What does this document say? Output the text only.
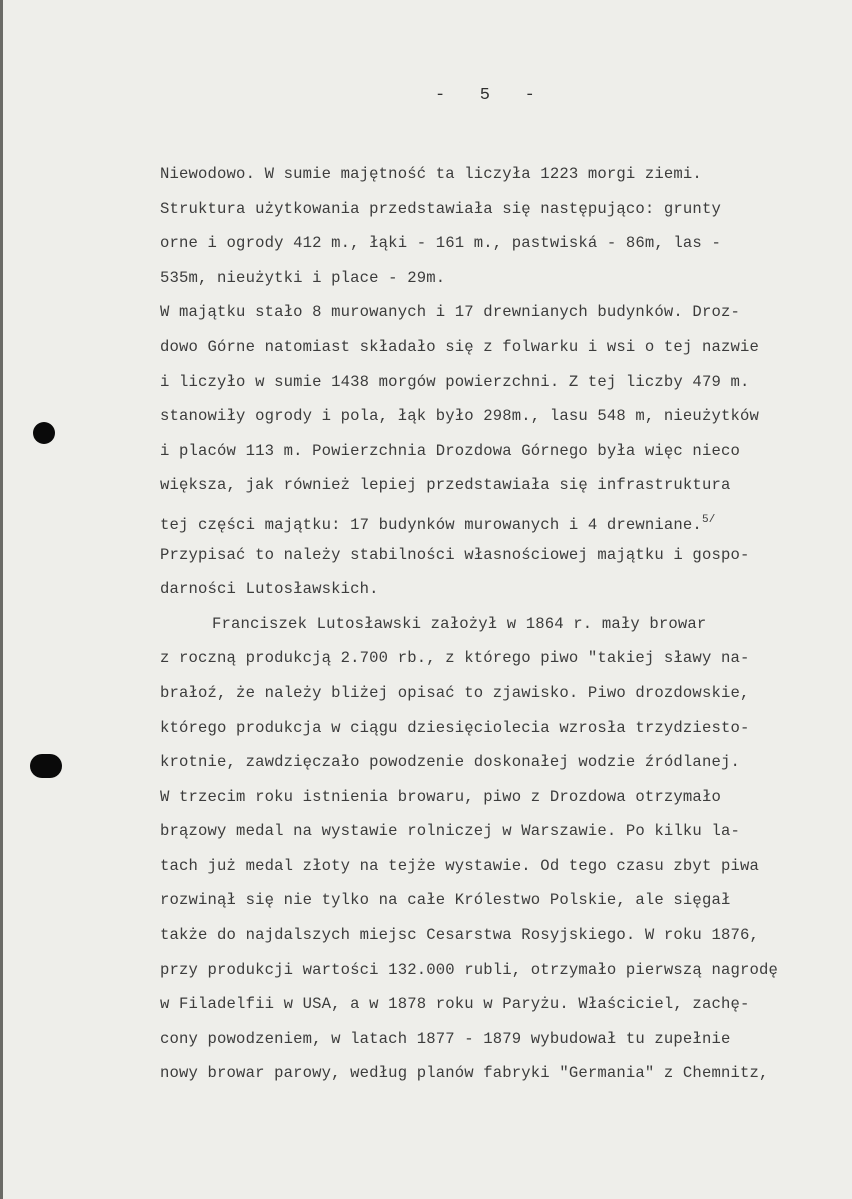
-   5   -
Niewodowo. W sumie majętność ta liczyła 1223 morgi ziemi.
Struktura użytkowania przedstawiała się następująco: grunty
orne i ogrody 412 m., łąki - 161 m., pastwiská - 86m, las -
535m, nieużytki i place - 29m.
W majątku stało 8 murowanych i 17 drewnianych budynków. Droz-
dowo Górne natomiast składało się z folwarku i wsi o tej nazwie
i liczyło w sumie 1438 morgów powierzchni. Z tej liczby 479 m.
stanowiły ogrody i pola, łąk było 298m., lasu 548 m, nieużytków
i placów 113 m. Powierzchnia Drozdowa Górnego była więc nieco
większa, jak również lepiej przedstawiała się infrastruktura
tej części majątku: 17 budynków murowanych i 4 drewniane.$^{5/}$
Przypisać to należy stabilności własnościowej majątku i gospo-
darności Lutosławskich.
Franciszek Lutosławski założył w 1864 r. mały browar
z roczną produkcją 2.700 rb., z którego piwo "takiej sławy na-
brałoź, że należy bliżej opisać to zjawisko. Piwo drozdowskie,
którego produkcja w ciągu dziesięciolecia wzrosła trzydziesto-
krotnie, zawdzięczało powodzenie doskonałej wodzie źródlanej.
W trzecim roku istnienia browaru, piwo z Drozdowa otrzymało
brązowy medal na wystawie rolniczej w Warszawie. Po kilku la-
tach już medal złoty na tejże wystawie. Od tego czasu zbyt piwa
rozwinął się nie tylko na całe Królestwo Polskie, ale sięgał
także do najdalszych miejsc Cesarstwa Rosyjskiego. W roku 1876,
przy produkcji wartości 132.000 rubli, otrzymało pierwszą nagrodę
w Filadelfii w USA, a w 1878 roku w Paryżu. Właściciel, zachę-
cony powodzeniem, w latach 1877 - 1879 wybudował tu zupełnie
nowy browar parowy, według planów fabryki "Germania" z Chemnitz,
